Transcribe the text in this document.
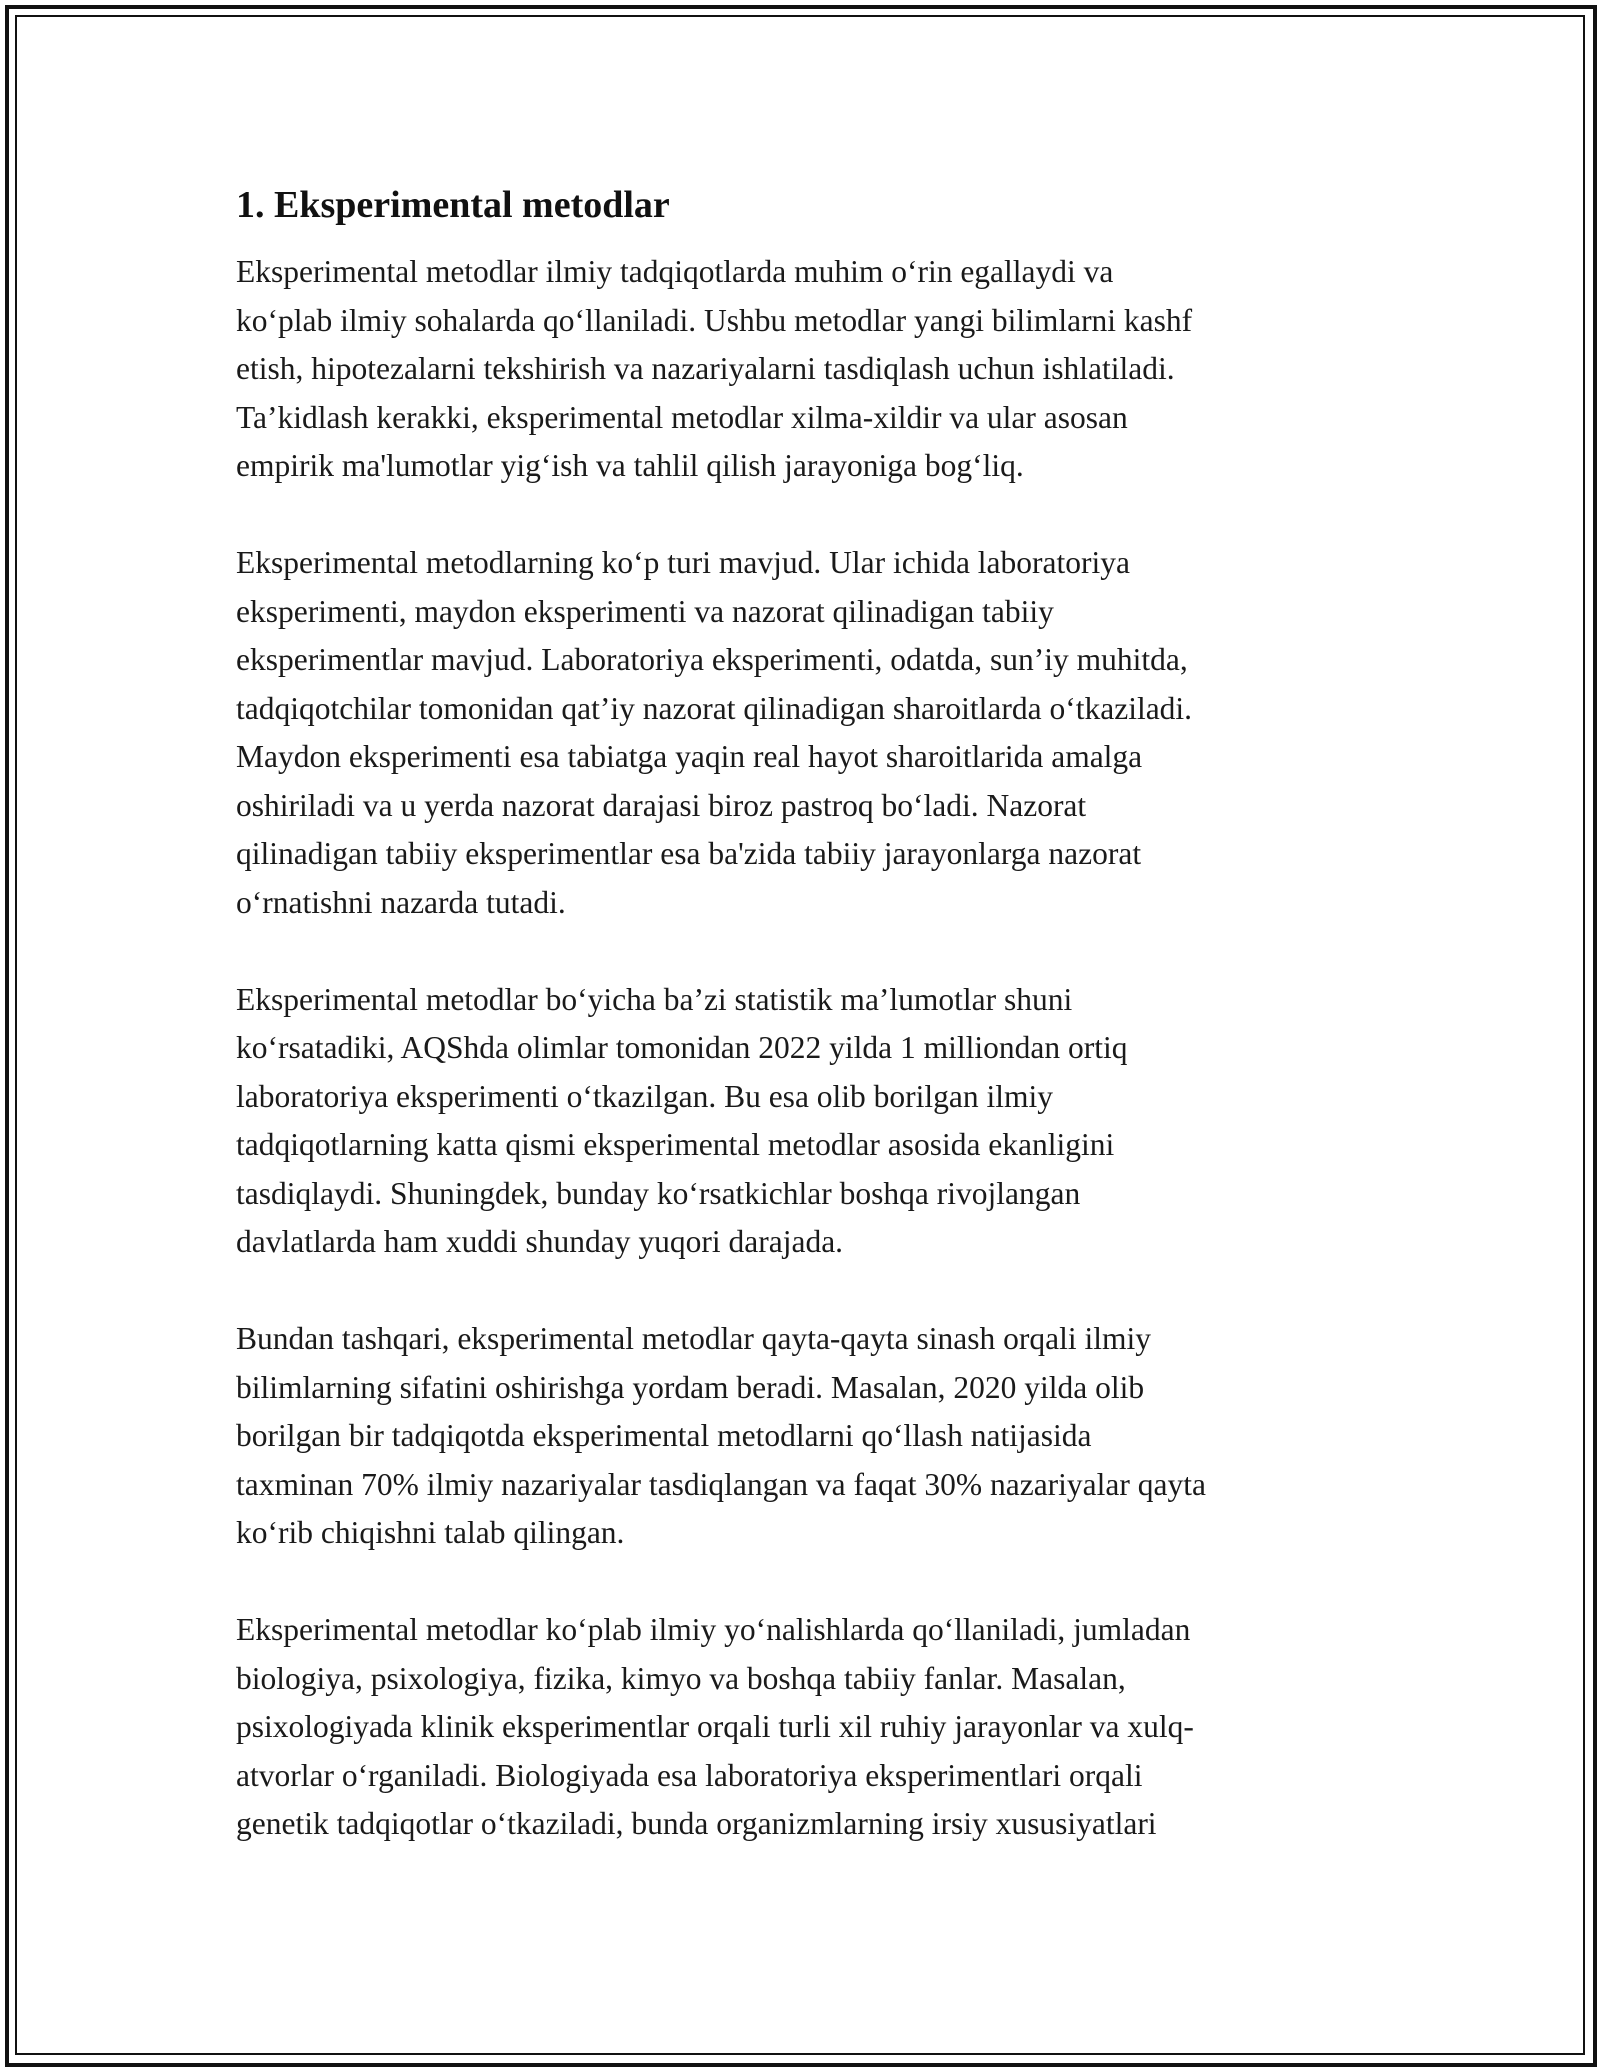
1. Eksperimental metodlar

Eksperimental metodlar ilmiy tadqiqotlarda muhim o‘rin egallaydi va
ko‘plab ilmiy sohalarda qo‘llaniladi. Ushbu metodlar yangi bilimlarni kashf
etish, hipotezalarni tekshirish va nazariyalarni tasdiqlash uchun ishlatiladi.
Ta’kidlash kerakki, eksperimental metodlar xilma-xildir va ular asosan
empirik ma'lumotlar yig‘ish va tahlil qilish jarayoniga bog‘liq.

Eksperimental metodlarning ko‘p turi mavjud. Ular ichida laboratoriya
eksperimenti, maydon eksperimenti va nazorat qilinadigan tabiiy
eksperimentlar mavjud. Laboratoriya eksperimenti, odatda, sun’iy muhitda,
tadqiqotchilar tomonidan qat’iy nazorat qilinadigan sharoitlarda o‘tkaziladi.
Maydon eksperimenti esa tabiatga yaqin real hayot sharoitlarida amalga
oshiriladi va u yerda nazorat darajasi biroz pastroq bo‘ladi. Nazorat
qilinadigan tabiiy eksperimentlar esa ba'zida tabiiy jarayonlarga nazorat
o‘rnatishni nazarda tutadi.

Eksperimental metodlar bo‘yicha ba’zi statistik ma’lumotlar shuni
ko‘rsatadiki, AQShda olimlar tomonidan 2022 yilda 1 milliondan ortiq
laboratoriya eksperimenti o‘tkazilgan. Bu esa olib borilgan ilmiy
tadqiqotlarning katta qismi eksperimental metodlar asosida ekanligini
tasdiqlaydi. Shuningdek, bunday ko‘rsatkichlar boshqa rivojlangan
davlatlarda ham xuddi shunday yuqori darajada.

Bundan tashqari, eksperimental metodlar qayta-qayta sinash orqali ilmiy
bilimlarning sifatini oshirishga yordam beradi. Masalan, 2020 yilda olib
borilgan bir tadqiqotda eksperimental metodlarni qo‘llash natijasida
taxminan 70% ilmiy nazariyalar tasdiqlangan va faqat 30% nazariyalar qayta
ko‘rib chiqishni talab qilingan.

Eksperimental metodlar ko‘plab ilmiy yo‘nalishlarda qo‘llaniladi, jumladan
biologiya, psixologiya, fizika, kimyo va boshqa tabiiy fanlar. Masalan,
psixologiyada klinik eksperimentlar orqali turli xil ruhiy jarayonlar va xulq-
atvorlar o‘rganiladi. Biologiyada esa laboratoriya eksperimentlari orqali
genetik tadqiqotlar o‘tkaziladi, bunda organizmlarning irsiy xususiyatlari
